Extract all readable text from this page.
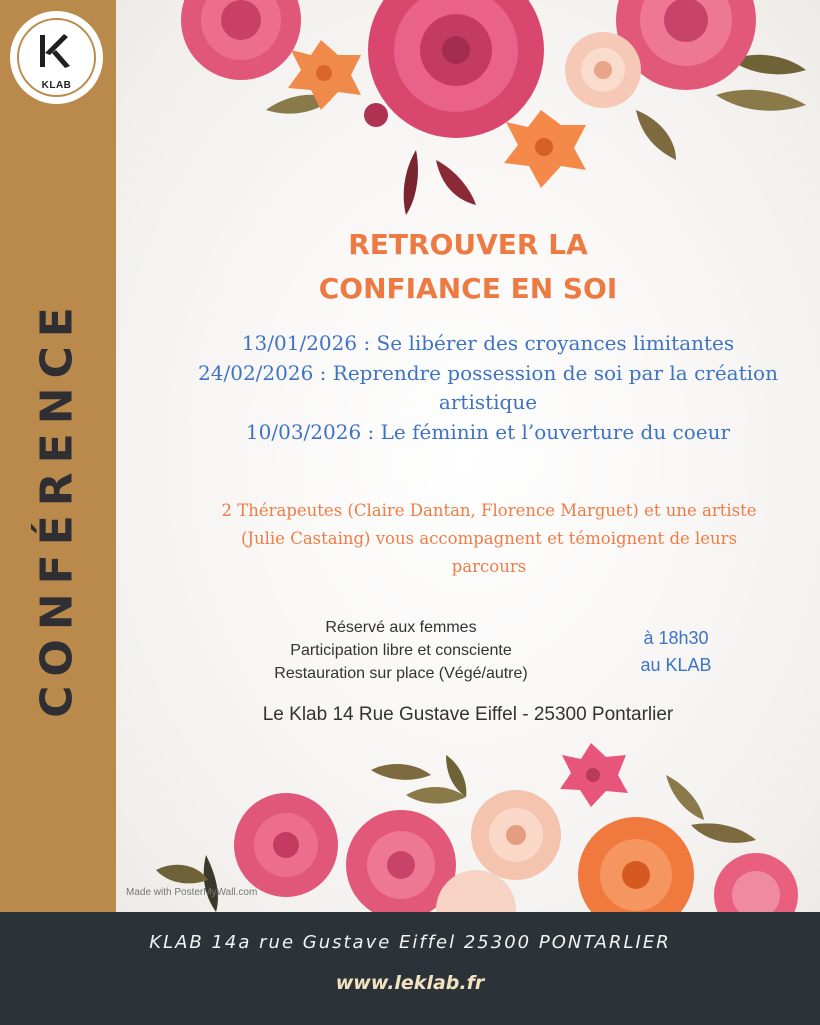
KLAB
CONFÉRENCE
RETROUVER LA
CONFIANCE EN SOI
13/01/2026 : Se libérer des croyances limitantes
24/02/2026 : Reprendre possession de soi par la création artistique
10/03/2026 : Le féminin et l’ouverture du coeur
2 Thérapeutes (Claire Dantan, Florence Marguet) et une artiste (Julie Castaing) vous accompagnent et témoignent de leurs parcours
Réservé aux femmes
Participation libre et consciente
Restauration sur place (Végé/autre)
à 18h30
au KLAB
Le Klab 14 Rue Gustave Eiffel - 25300 Pontarlier
Made with PosterMyWall.com
KLAB 14a rue Gustave Eiffel 25300 PONTARLIER
www.leklab.fr
